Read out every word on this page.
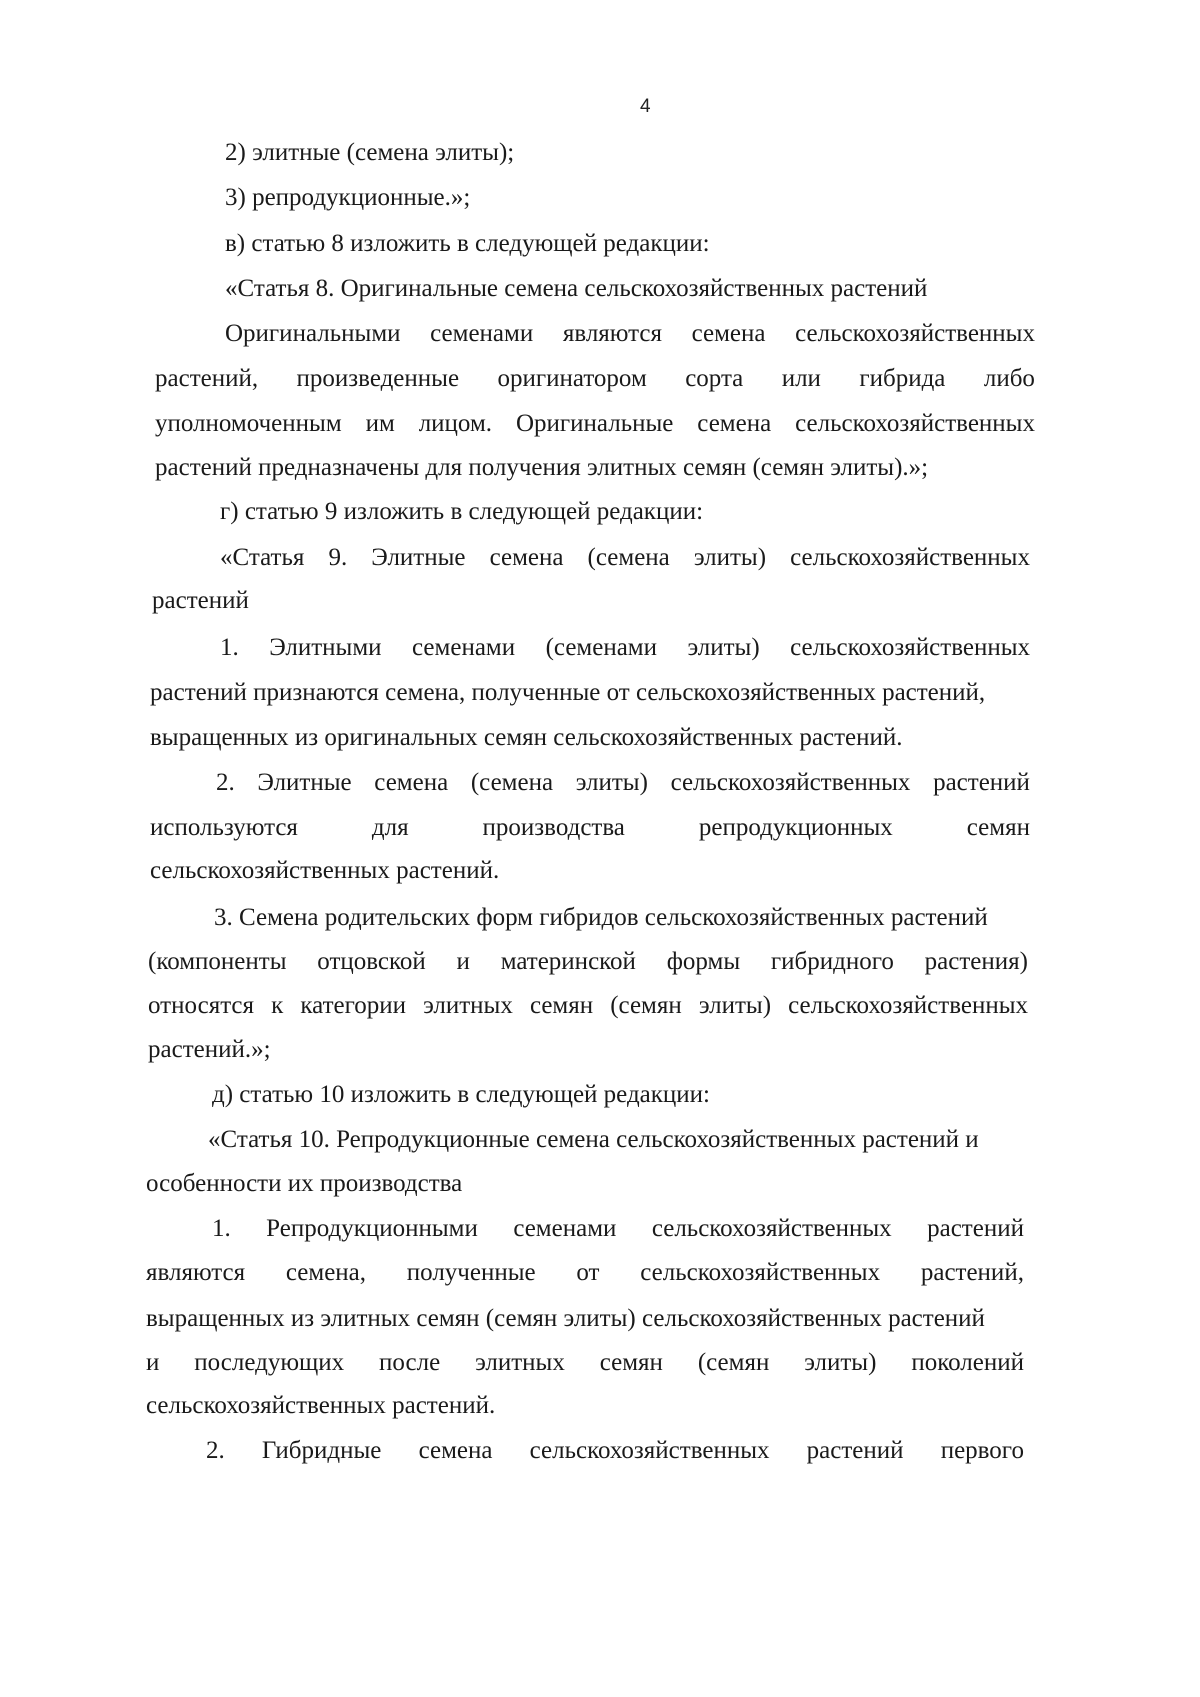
4
2) элитные (семена элиты);
3) репродукционные.»;
в) статью 8 изложить в следующей редакции:
«Статья 8. Оригинальные семена сельскохозяйственных растений
Оригинальными семенами являются семена сельскохозяйственных
растений, произведенные оригинатором сорта или гибрида либо
уполномоченным им лицом. Оригинальные семена сельскохозяйственных
растений предназначены для получения элитных семян (семян элиты).»;
г) статью 9 изложить в следующей редакции:
«Статья 9. Элитные семена (семена элиты) сельскохозяйственных
растений
1. Элитными семенами (семенами элиты) сельскохозяйственных
растений признаются семена, полученные от сельскохозяйственных растений,
выращенных из оригинальных семян сельскохозяйственных растений.
2. Элитные семена (семена элиты) сельскохозяйственных растений
используются	для	производства	репродукционных	семян
сельскохозяйственных растений.
3. Семена родительских форм гибридов сельскохозяйственных растений
(компоненты отцовской и материнской формы гибридного растения)
относятся к категории элитных семян (семян элиты) сельскохозяйственных
растений.»;
д) статью 10 изложить в следующей редакции:
«Статья 10. Репродукционные семена сельскохозяйственных растений и
особенности их производства
1. Репродукционными семенами сельскохозяйственных растений
являются семена, полученные от сельскохозяйственных растений,
выращенных из элитных семян (семян элиты) сельскохозяйственных растений
и последующих после элитных семян (семян элиты) поколений
сельскохозяйственных растений.
2. Гибридные семена сельскохозяйственных растений первого
